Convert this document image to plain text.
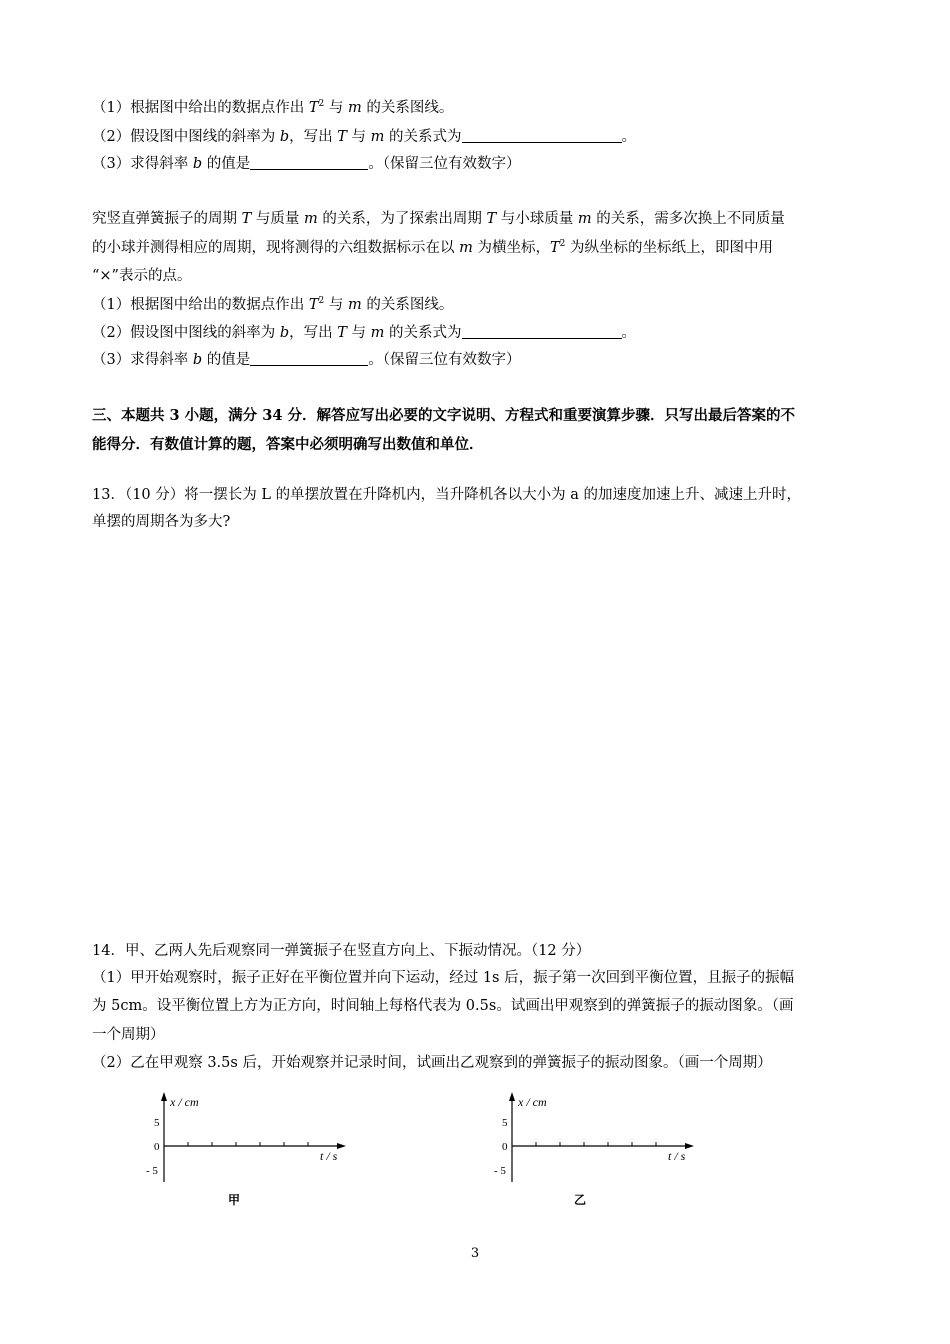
（1）根据图中给出的数据点作出 $T^2$ 与 m 的关系图线。
（2）假设图中图线的斜率为 b，写出 T 与 m 的关系式为	。
（3）求得斜率 b 的值是	。（保留三位有效数字）
究竖直弹簧振子的周期 T 与质量 m 的关系，为了探索出周期 T 与小球质量 m 的关系，需多次换上不同质量
的小球并测得相应的周期，现将测得的六组数据标示在以 m 为横坐标，$T^2$ 为纵坐标的坐标纸上，即图中用
“×”表示的点。
（1）根据图中给出的数据点作出 $T^2$ 与 m 的关系图线。
（2）假设图中图线的斜率为 b，写出 T 与 m 的关系式为	。
（3）求得斜率 b 的值是	。（保留三位有效数字）
三、本题共 3 小题，满分 34 分．解答应写出必要的文字说明、方程式和重要演算步骤．只写出最后答案的不
能得分．有数值计算的题，答案中必须明确写出数值和单位．
13．（10 分）将一摆长为 L 的单摆放置在升降机内，当升降机各以大小为 a 的加速度加速上升、减速上升时，
单摆的周期各为多大?
14．甲、乙两人先后观察同一弹簧振子在竖直方向上、下振动情况。（12 分）
（1）甲开始观察时，振子正好在平衡位置并向下运动，经过 1s 后，振子第一次回到平衡位置，且振子的振幅
为 5cm。设平衡位置上方为正方向，时间轴上每格代表为 0.5s。试画出甲观察到的弹簧振子的振动图象。（画
一个周期）
（2）乙在甲观察 3.5s 后，开始观察并记录时间，试画出乙观察到的弹簧振子的振动图象。（画一个周期）
x / cm
t / s
5
0
- 5
甲
x / cm
t / s
5
0
- 5
乙
3
